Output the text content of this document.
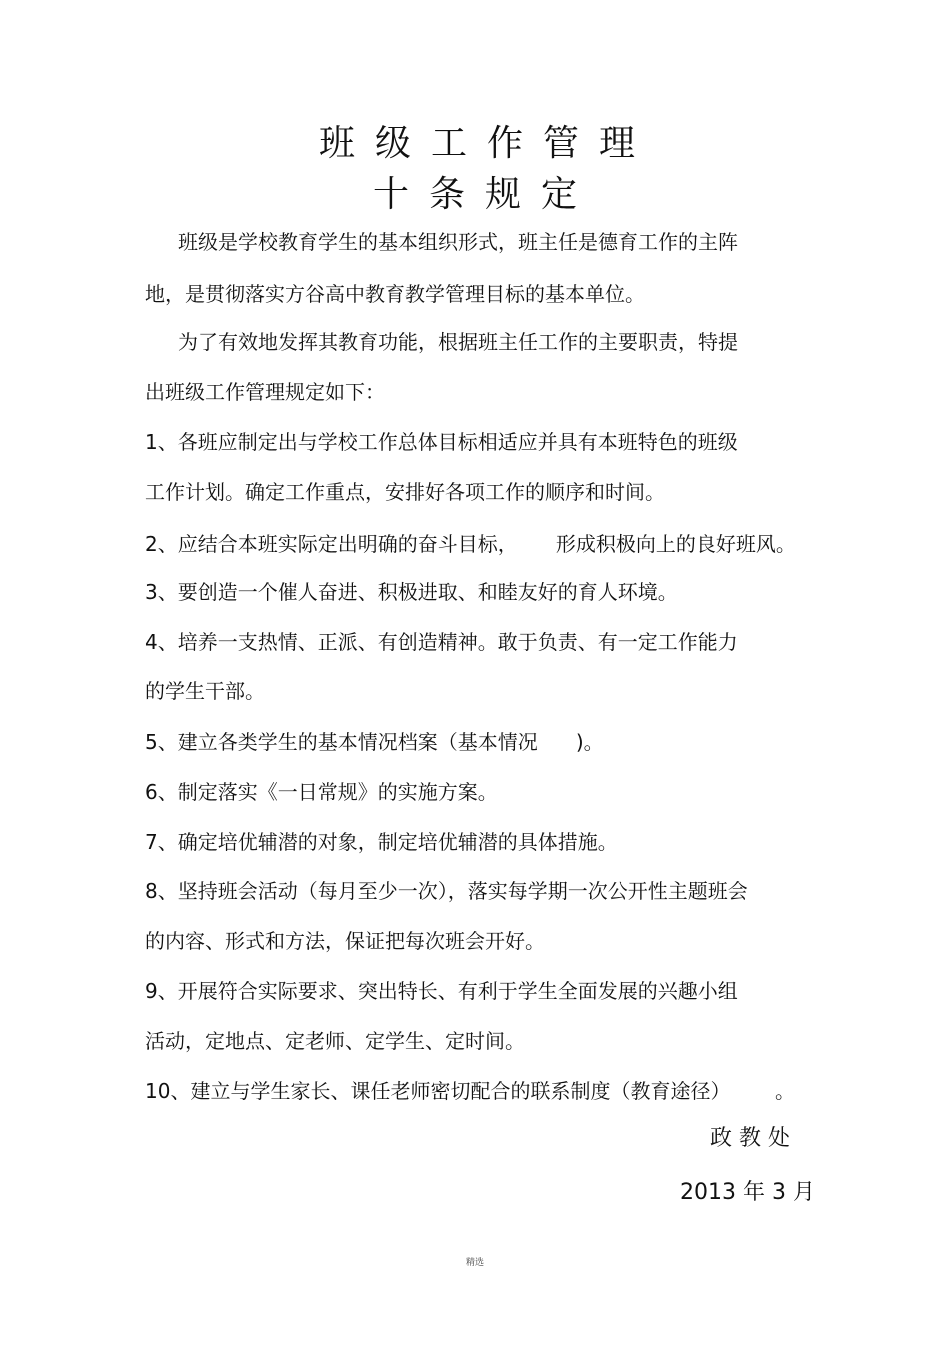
班级工作管理
十条规定
班级是学校教育学生的基本组织形式，班主任是德育工作的主阵
地，是贯彻落实方谷高中教育教学管理目标的基本单位。
为了有效地发挥其教育功能，根据班主任工作的主要职责，特提
出班级工作管理规定如下：
1、各班应制定出与学校工作总体目标相适应并具有本班特色的班级
工作计划。确定工作重点，安排好各项工作的顺序和时间。
2、应结合本班实际定出明确的奋斗目标，      形成积极向上的良好班风。
3、要创造一个催人奋进、积极进取、和睦友好的育人环境。
4、培养一支热情、正派、有创造精神。敢于负责、有一定工作能力
的学生干部。
5、建立各类学生的基本情况档案（基本情况      )。
6、制定落实《一日常规》的实施方案。
7、确定培优辅潜的对象，制定培优辅潜的具体措施。
8、坚持班会活动（每月至少一次），落实每学期一次公开性主题班会
的内容、形式和方法，保证把每次班会开好。
9、开展符合实际要求、突出特长、有利于学生全面发展的兴趣小组
活动，定地点、定老师、定学生、定时间。
10、建立与学生家长、课任老师密切配合的联系制度（教育途径）       。
政 教 处
2013 年 3 月
精选
